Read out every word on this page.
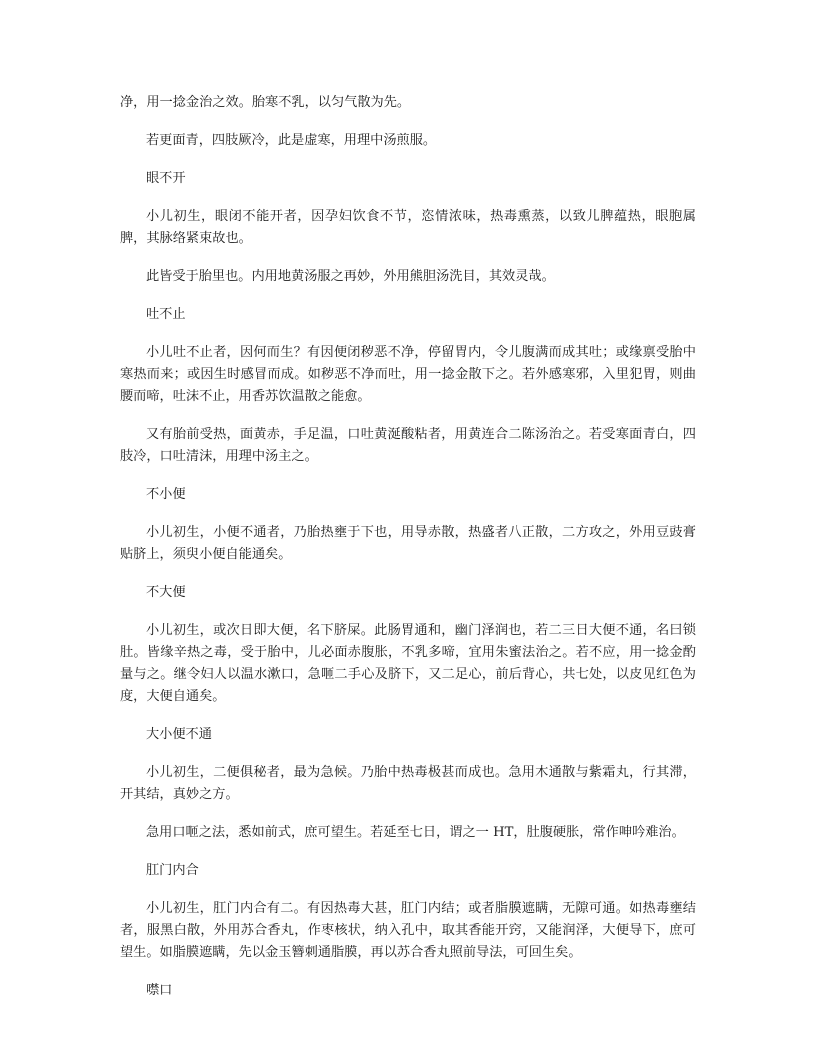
净，用一捻金治之效。胎寒不乳，以匀气散为先。

若更面青，四肢厥冷，此是虚寒，用理中汤煎服。

眼不开

小儿初生，眼闭不能开者，因孕妇饮食不节，恣情浓味，热毒熏蒸，以致儿脾蕴热，眼胞属脾，其脉络紧束故也。

此皆受于胎里也。内用地黄汤服之再妙，外用熊胆汤洗目，其效灵哉。

吐不止

小儿吐不止者，因何而生？有因便闭秽恶不净，停留胃内，令儿腹满而成其吐；或缘禀受胎中寒热而来；或因生时感冒而成。如秽恶不净而吐，用一捻金散下之。若外感寒邪，入里犯胃，则曲腰而啼，吐沫不止，用香苏饮温散之能愈。

又有胎前受热，面黄赤，手足温，口吐黄涎酸粘者，用黄连合二陈汤治之。若受寒面青白，四肢冷，口吐清沫，用理中汤主之。

不小便

小儿初生，小便不通者，乃胎热壅于下也，用导赤散，热盛者八正散，二方攻之，外用豆豉膏贴脐上，须臾小便自能通矣。

不大便

小儿初生，或次日即大便，名下脐屎。此肠胃通和，幽门泽润也，若二三日大便不通，名曰锁肚。皆缘辛热之毒，受于胎中，儿必面赤腹胀，不乳多啼，宜用朱蜜法治之。若不应，用一捻金酌量与之。继令妇人以温水漱口，急咂二手心及脐下，又二足心，前后背心，共七处，以皮见红色为度，大便自通矣。

大小便不通

小儿初生，二便俱秘者，最为急候。乃胎中热毒极甚而成也。急用木通散与紫霜丸，行其滞，开其结，真妙之方。

急用口咂之法，悉如前式，庶可望生。若延至七日，谓之一 HT，肚腹硬胀，常作呻吟难治。

肛门内合

小儿初生，肛门内合有二。有因热毒大甚，肛门内结；或者脂膜遮瞒，无隙可通。如热毒壅结者，服黑白散，外用苏合香丸，作枣核状，纳入孔中，取其香能开窍，又能润泽，大便导下，庶可望生。如脂膜遮瞒，先以金玉簪刺通脂膜，再以苏合香丸照前导法，可回生矣。

噤口
